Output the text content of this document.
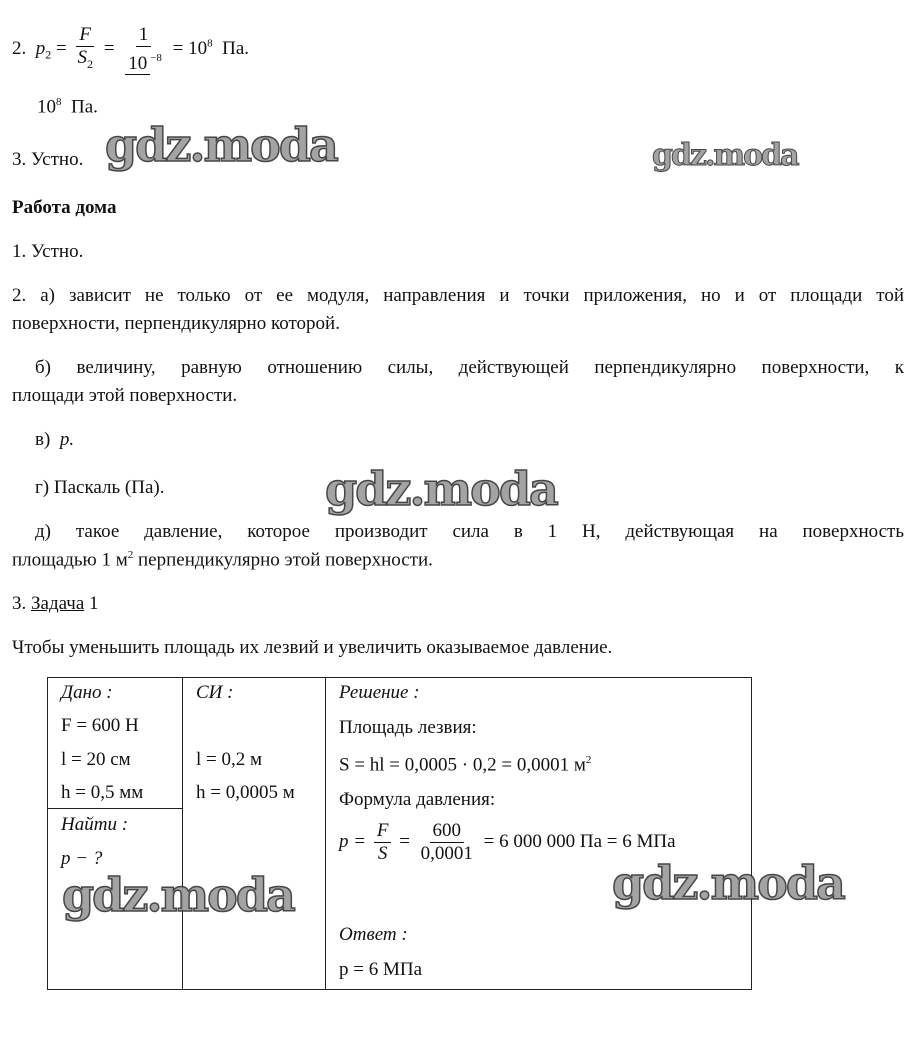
2. $p_2 = \frac{F}{S_2} = \frac{1}{10 ^{-8}} = 10^8$ Па.
$10^8$ Па.
3. Устно.
Работа дома
1. Устно.
2. а) зависит не только от ее модуля, направления и точки приложения, но и от площади той
поверхности, перпендикулярно которой.
б) величину, равную отношению силы, действующей перпендикулярно поверхности, к
площади этой поверхности.
в) p.
г) Паскаль (Па).
д) такое давление, которое производит сила в 1 Н, действующая на поверхность
площадью 1 $м^2$ перпендикулярно этой поверхности.
3. Задача 1
Чтобы уменьшить площадь их лезвий и увеличить оказываемое давление.
Дано :
F = 600 Н
l = 20 см
h = 0,5 мм
Найти :
p − ?
СИ :
l = 0,2 м
h = 0,0005 м
Решение :
Площадь лезвия:
S = hl = 0,0005 · 0,2 = 0,0001 $м^2$
Формула давления:
$p = \frac{F}{S} = \frac{600}{0,0001} = 6$ 000 000 Па = 6 МПа
Ответ :
p = 6 МПа
gdz.moda	gdz.moda
gdz.moda
gdz.moda	gdz.moda
